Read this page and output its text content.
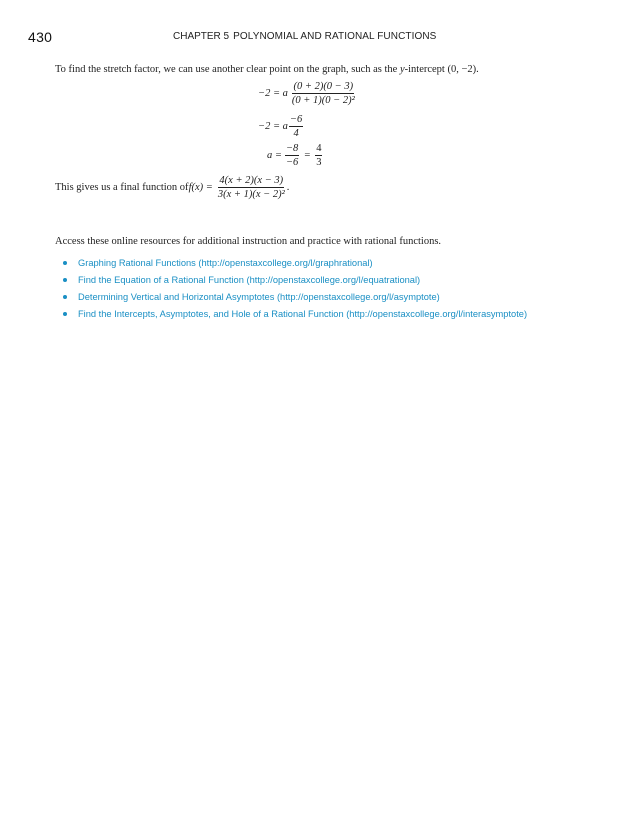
430	CHAPTER 5 POLYNOMIAL AND RATIONAL FUNCTIONS
To find the stretch factor, we can use another clear point on the graph, such as the y-intercept (0, −2).
−2 = a $\frac{(0 + 2)(0 - 3)}{\text{(0 + 1)(0 − 2)²}}$
−2 = a $\frac{-6}{4}$
$a = \frac{-8}{-6} = \frac{4}{3}$
This gives us a final function of $f(x) = \frac{4(x + 2)(x - 3)}{\text{3(x + 1)(x − 2)²}}$ .
Access these online resources for additional instruction and practice with rational functions.
Graphing Rational Functions (http://openstaxcollege.org/l/graphrational)
Find the Equation of a Rational Function (http://openstaxcollege.org/l/equatrational)
Determining Vertical and Horizontal Asymptotes (http://openstaxcollege.org/l/asymptote)
Find the Intercepts, Asymptotes, and Hole of a Rational Function (http://openstaxcollege.org/l/interasymptote)
